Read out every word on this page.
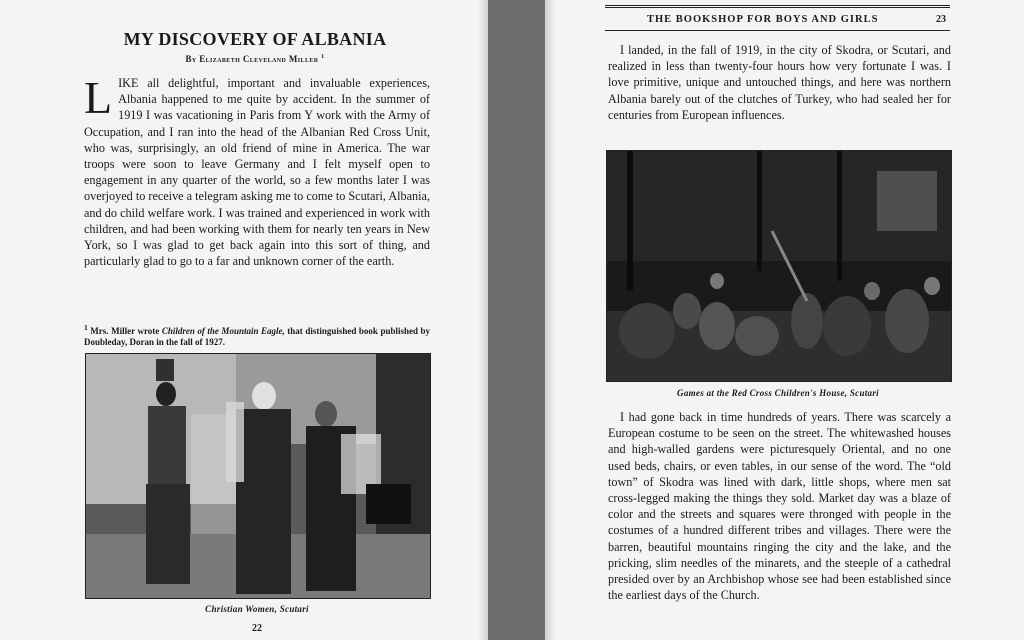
MY DISCOVERY OF ALBANIA
By Elizabeth Cleveland Miller $^1$

LIKE all delightful, important and invaluable experiences, Albania happened to me quite by accident. In the summer of 1919 I was vacationing in Paris from Y work with the Army of Occupation, and I ran into the head of the Albanian Red Cross Unit, who was, surprisingly, an old friend of mine in America. The war troops were soon to leave Germany and I felt myself open to engagement in any quarter of the world, so a few months later I was overjoyed to receive a telegram asking me to come to Scutari, Albania, and do child welfare work. I was trained and experienced in work with children, and had been working with them for nearly ten years in New York, so I was glad to get back again into this sort of thing, and particularly glad to go to a far and unknown corner of the earth.

$^1$ Mrs. Miller wrote Children of the Mountain Eagle, that distinguished book published by Doubleday, Doran in the fall of 1927.

Christian Women, Scutari

22
THE BOOKSHOP FOR BOYS AND GIRLS	23

I landed, in the fall of 1919, in the city of Skodra, or Scutari, and realized in less than twenty-four hours how very fortunate I was. I love primitive, unique and untouched things, and here was northern Albania barely out of the clutches of Turkey, who had sealed her for centuries from European influences.

Games at the Red Cross Children's House, Scutari

I had gone back in time hundreds of years. There was scarcely a European costume to be seen on the street. The whitewashed houses and high-walled gardens were picturesquely Oriental, and no one used beds, chairs, or even tables, in our sense of the word. The “old town” of Skodra was lined with dark, little shops, where men sat cross-legged making the things they sold. Market day was a blaze of color and the streets and squares were thronged with people in the costumes of a hundred different tribes and villages. There were the barren, beautiful mountains ringing the city and the lake, and the pricking, slim needles of the minarets, and the steeple of a cathedral presided over by an Archbishop whose see had been established since the earliest days of the Church.
